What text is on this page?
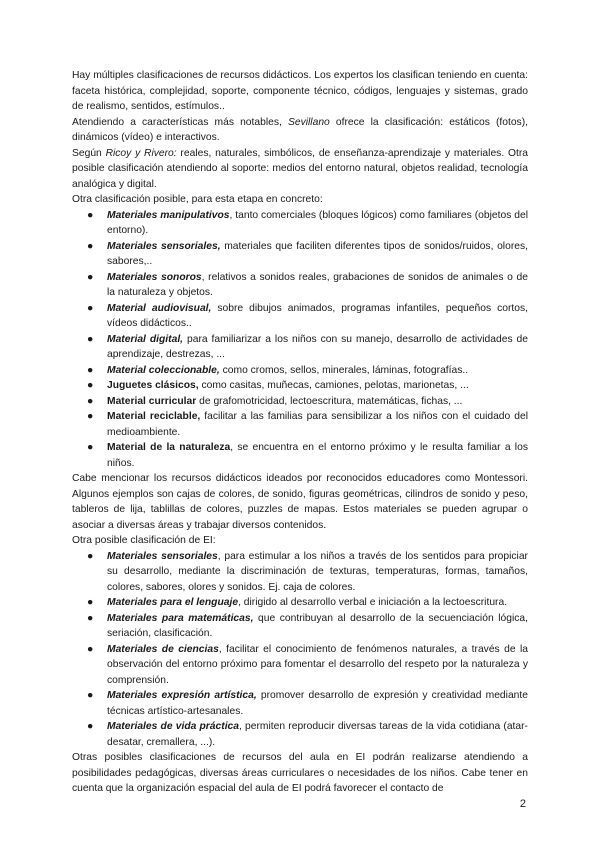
Hay múltiples clasificaciones de recursos didácticos. Los expertos los clasifican teniendo en cuenta: faceta histórica, complejidad, soporte, componente técnico, códigos, lenguajes y sistemas, grado de realismo, sentidos, estímulos..

Atendiendo a características más notables, Sevillano ofrece la clasificación: estáticos (fotos), dinámicos (vídeo) e interactivos.

Según Ricoy y Rivero: reales, naturales, simbólicos, de enseñanza-aprendizaje y materiales. Otra posible clasificación atendiendo al soporte: medios del entorno natural, objetos realidad, tecnología analógica y digital.

Otra clasificación posible, para esta etapa en concreto:

● Materiales manipulativos, tanto comerciales (bloques lógicos) como familiares (objetos del entorno).
● Materiales sensoriales, materiales que faciliten diferentes tipos de sonidos/ruidos, olores, sabores,..
● Materiales sonoros, relativos a sonidos reales, grabaciones de sonidos de animales o de la naturaleza y objetos.
● Material audiovisual, sobre dibujos animados, programas infantiles, pequeños cortos, vídeos didácticos..
● Material digital, para familiarizar a los niños con su manejo, desarrollo de actividades de aprendizaje, destrezas, ...
● Material coleccionable, como cromos, sellos, minerales, láminas, fotografías..
● Juguetes clásicos, como casitas, muñecas, camiones, pelotas, marionetas, ...
● Material curricular de grafomotricidad, lectoescritura, matemáticas, fichas, ...
● Material reciclable, facilitar a las familias para sensibilizar a los niños con el cuidado del medioambiente.
● Material de la naturaleza, se encuentra en el entorno próximo y le resulta familiar a los niños.

Cabe mencionar los recursos didácticos ideados por reconocidos educadores como Montessori. Algunos ejemplos son cajas de colores, de sonido, figuras geométricas, cilindros de sonido y peso, tableros de lija, tablillas de colores, puzzles de mapas. Estos materiales se pueden agrupar o asociar a diversas áreas y trabajar diversos contenidos.

Otra posible clasificación de EI:

● Materiales sensoriales, para estimular a los niños a través de los sentidos para propiciar su desarrollo, mediante la discriminación de texturas, temperaturas, formas, tamaños, colores, sabores, olores y sonidos. Ej. caja de colores.
● Materiales para el lenguaje, dirigido al desarrollo verbal e iniciación a la lectoescritura.
● Materiales para matemáticas, que contribuyan al desarrollo de la secuenciación lógica, seriación, clasificación.
● Materiales de ciencias, facilitar el conocimiento de fenómenos naturales, a través de la observación del entorno próximo para fomentar el desarrollo del respeto por la naturaleza y comprensión.
● Materiales expresión artística, promover desarrollo de expresión y creatividad mediante técnicas artístico-artesanales.
● Materiales de vida práctica, permiten reproducir diversas tareas de la vida cotidiana (atar-desatar, cremallera, ...).

Otras posibles clasificaciones de recursos del aula en EI podrán realizarse atendiendo a posibilidades pedagógicas, diversas áreas curriculares o necesidades de los niños. Cabe tener en cuenta que la organización espacial del aula de EI podrá favorecer el contacto de

2
